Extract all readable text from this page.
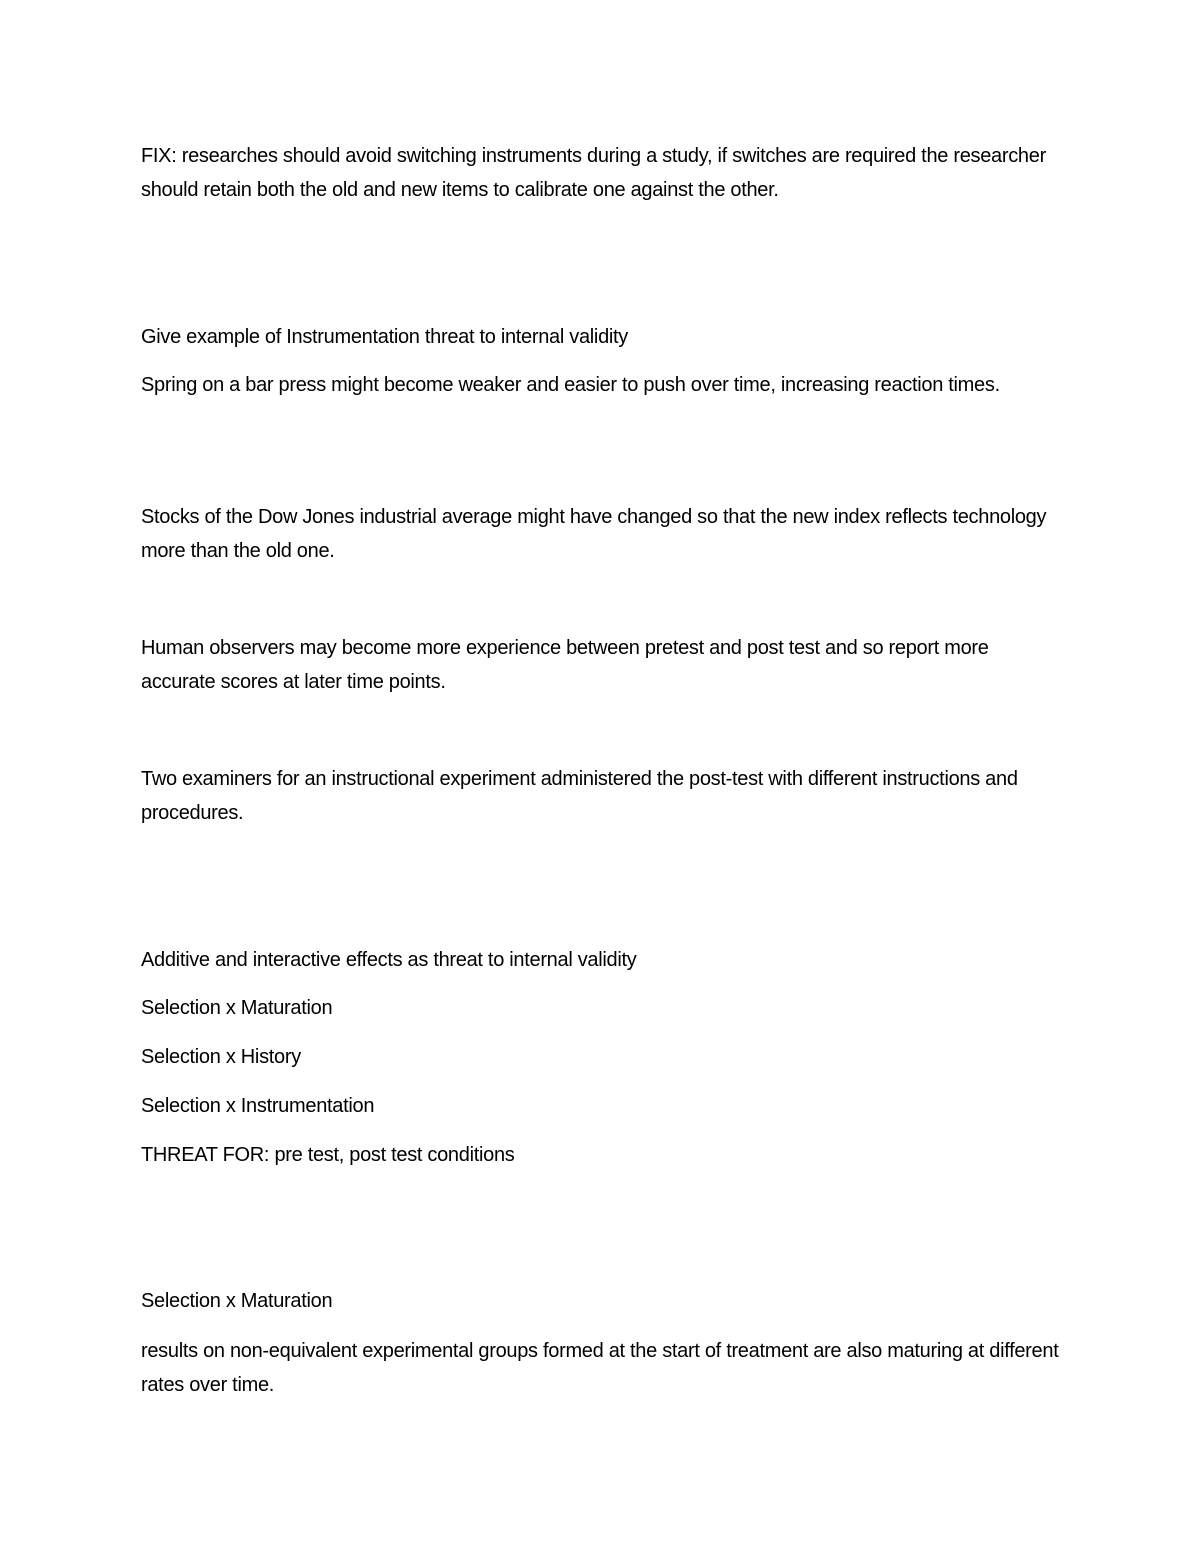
FIX: researches should avoid switching instruments during a study, if switches are required the researcher should retain both the old and new items to calibrate one against the other.

Give example of Instrumentation threat to internal validity

Spring on a bar press might become weaker and easier to push over time, increasing reaction times.

Stocks of the Dow Jones industrial average might have changed so that the new index reflects technology more than the old one.

Human observers may become more experience between pretest and post test and so report more accurate scores at later time points.

Two examiners for an instructional experiment administered the post-test with different instructions and procedures.

Additive and interactive effects as threat to internal validity

Selection x Maturation

Selection x History

Selection x Instrumentation

THREAT FOR: pre test, post test conditions

Selection x Maturation

results on non-equivalent experimental groups formed at the start of treatment are also maturing at different rates over time.
